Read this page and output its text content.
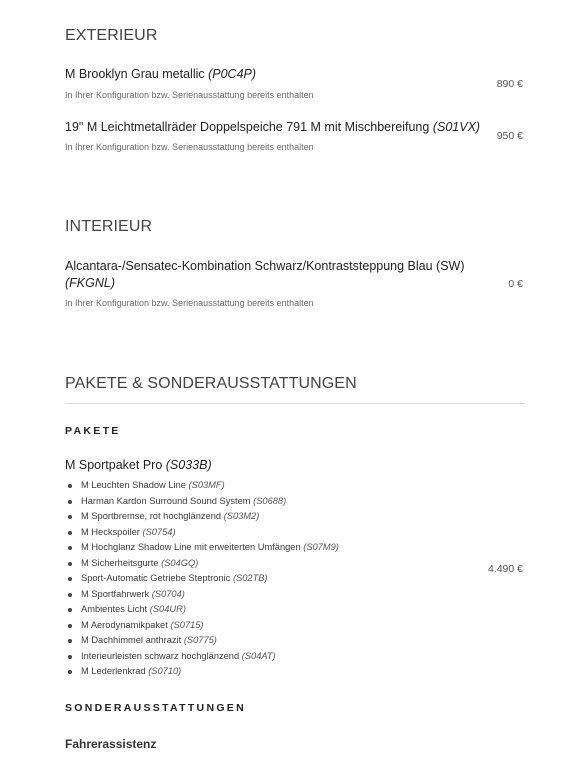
EXTERIEUR
M Brooklyn Grau metallic (P0C4P)
In Ihrer Konfiguration bzw. Serienausstattung bereits enthalten
890 €
19" M Leichtmetallräder Doppelspeiche 791 M mit Mischbereifung (S01VX)
In Ihrer Konfiguration bzw. Serienausstattung bereits enthalten
950 €
INTERIEUR
Alcantara-/Sensatec-Kombination Schwarz/Kontraststeppung Blau (SW)
(FKGNL)
In Ihrer Konfiguration bzw. Serienausstattung bereits enthalten
0 €
PAKETE & SONDERAUSSTATTUNGEN
PAKETE
M Sportpaket Pro (S033B)
4.490 €
M Leuchten Shadow Line (S03MF)
Harman Kardon Surround Sound System (S0688)
M Sportbremse, rot hochglänzend (S03M2)
M Heckspoiler (S0754)
M Hochglanz Shadow Line mit erweiterten Umfängen (S07M9)
M Sicherheitsgurte (S04GQ)
Sport-Automatic Getriebe Steptronic (S02TB)
M Sportfahrwerk (S0704)
Ambientes Licht (S04UR)
M Aerodynamikpaket (S0715)
M Dachhimmel anthrazit (S0775)
Interieurleisten schwarz hochglänzend (S04AT)
M Lederlenkrad (S0710)
SONDERAUSSTATTUNGEN
Fahrerassistenz
